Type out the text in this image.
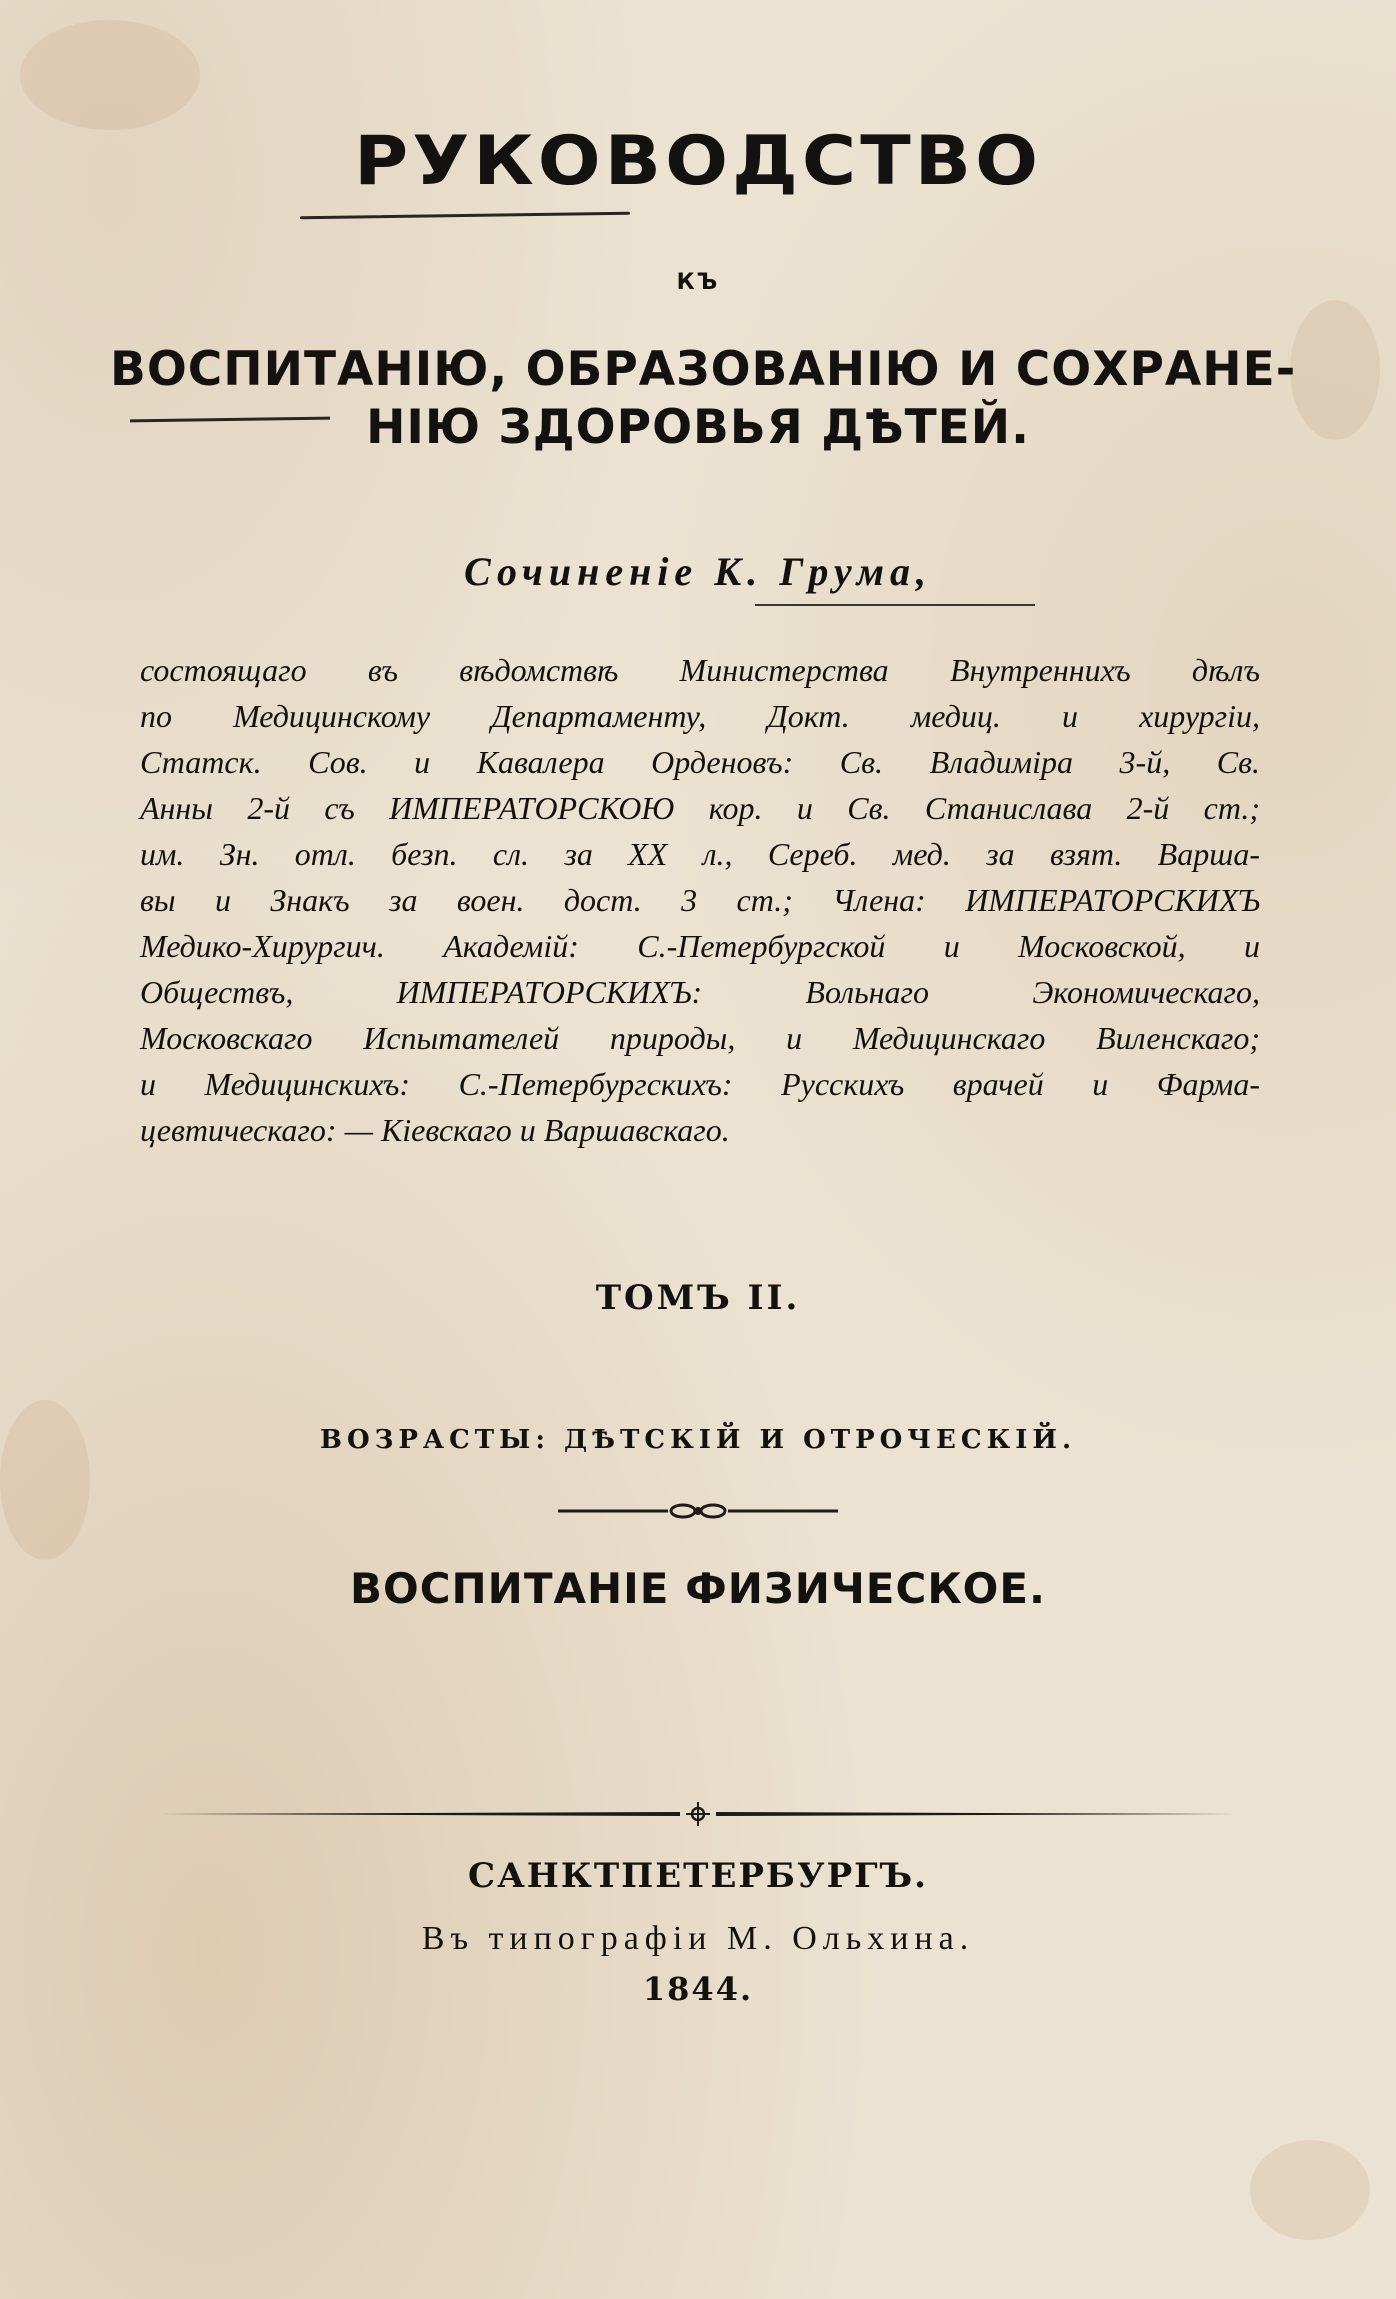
РУКОВОДСТВО
КЪ
ВОСПИТАНІЮ, ОБРАЗОВАНІЮ И СОХРАНЕ-
НІЮ ЗДОРОВЬЯ ДѢТЕЙ.
Сочиненіе К. Грума,
состоящаго въ вѣдомствѣ Министерства Внутреннихъ дѣлъ
по Медицинскому Департаменту, Докт. медиц. и хирургіи,
Статск. Сов. и Кавалера Орденовъ: Св. Владиміра 3-й, Св.
Анны 2-й съ ИМПЕРАТОРСКОЮ кор. и Св. Станислава 2-й ст.;
им. Зн. отл. безп. сл. за XX л., Сереб. мед. за взят. Варша-
вы и Знакъ за воен. дост. 3 ст.; Члена: ИМПЕРАТОРСКИХЪ
Медико-Хирургич. Академій: С.-Петербургской и Московской, и
Обществъ, ИМПЕРАТОРСКИХЪ: Вольнаго Экономическаго,
Московскаго Испытателей природы, и Медицинскаго Виленскаго;
и Медицинскихъ: С.-Петербургскихъ: Русскихъ врачей и Фарма-
цевтическаго: — Кіевскаго и Варшавскаго.
ТОМЪ II.
ВОЗРАСТЫ: ДѢТСКІЙ И ОТРОЧЕСКІЙ.
ВОСПИТАНІЕ ФИЗИЧЕСКОЕ.
САНКТПЕТЕРБУРГЪ.
Въ типографіи М. Ольхина.
1844.
